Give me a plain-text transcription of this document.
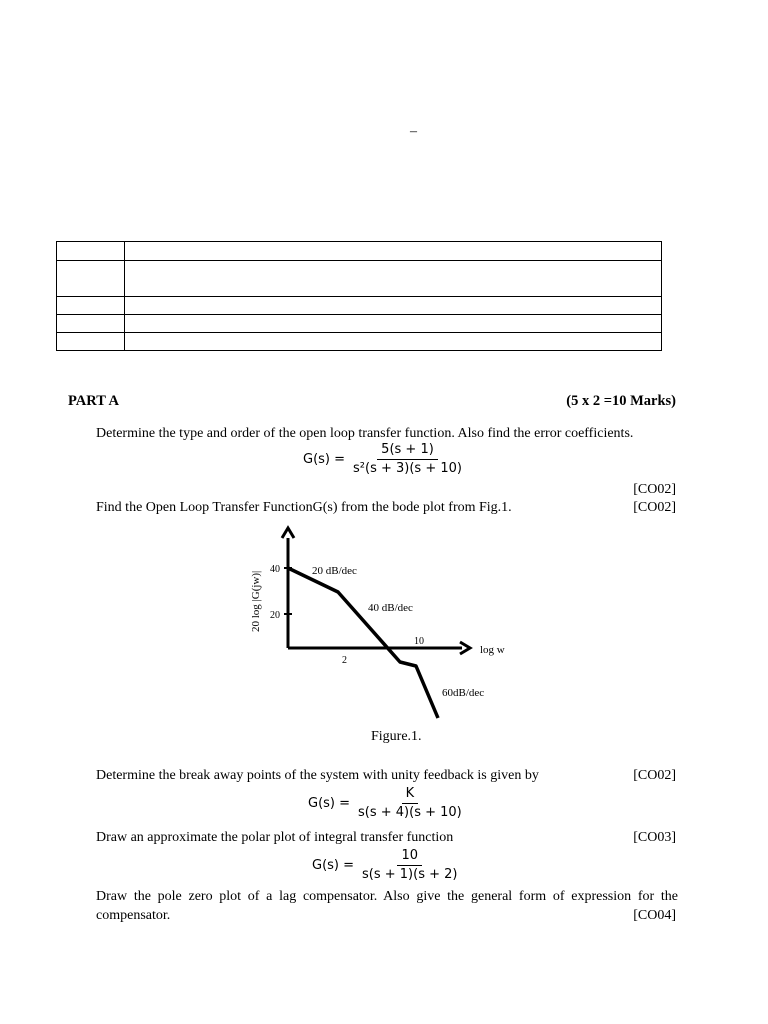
–

PART A	(5 x 2 =10 Marks)
Determine the type and order of the open loop transfer function. Also find the error coefficients.
$G(s) = \frac{5(s + 1)}{\text{s²(s + 3)(s + 10)}}$
[CO02]
Find the Open Loop Transfer FunctionG(s) from the bode plot from Fig.1.	[CO02]
40
20
2
10
log w
20 log |G(jw)|	20 dB/dec
40 dB/dec
60dB/dec
Figure.1.
Determine the break away points of the system with unity feedback is given by	[CO02]
$G(s) = \frac{K}{s(s + 4)(s + 10)}$
Draw an approximate the polar plot of integral transfer function	[CO03]
$G(s) = \frac{10}{s(s + 1)(s + 2)}$
Draw the pole zero plot of a lag compensator. Also give the general form of expression for the
compensator.	[CO04]
